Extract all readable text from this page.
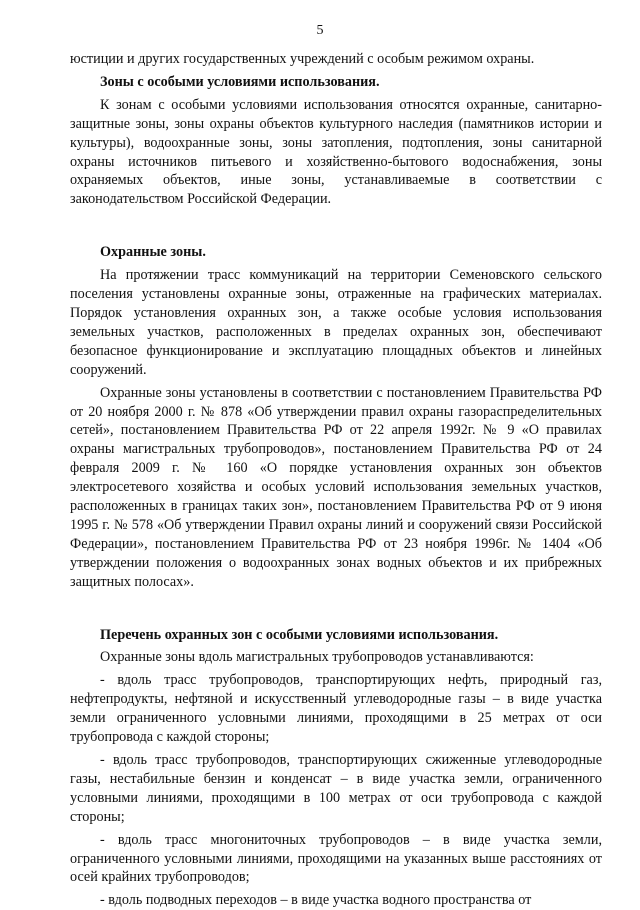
5

юстиции и других государственных учреждений с особым режимом охраны.

Зоны с особыми условиями использования.

К зонам с особыми условиями использования относятся охранные, санитарно-защитные зоны, зоны охраны объектов культурного наследия (памятников истории и культуры), водоохранные зоны, зоны затопления, подтопления, зоны санитарной охраны источников питьевого и хозяйственно-бытового водоснабжения, зоны охраняемых объектов, иные зоны, устанавливаемые в соответствии с законодательством Российской Федерации.

Охранные зоны.

На протяжении трасс коммуникаций на территории Семеновского сельского поселения установлены охранные зоны, отраженные на графических материалах. Порядок установления охранных зон, а также особые условия использования земельных участков, расположенных в пределах охранных зон, обеспечивают безопасное функционирование и эксплуатацию площадных объектов и линейных сооружений.

Охранные зоны установлены в соответствии с постановлением Правительства РФ от 20 ноября 2000 г. № 878 «Об утверждении правил охраны газораспределительных сетей», постановлением Правительства РФ от 22 апреля 1992г. № 9 «О правилах охраны магистральных трубопроводов», постановлением Правительства РФ от 24 февраля 2009 г. № 160 «О порядке установления охранных зон объектов электросетевого хозяйства и особых условий использования земельных участков, расположенных в границах таких зон», постановлением Правительства РФ от 9 июня 1995 г. № 578 «Об утверждении Правил охраны линий и сооружений связи Российской Федерации», постановлением Правительства РФ от 23 ноября 1996г. № 1404 «Об утверждении положения о водоохранных зонах водных объектов и их прибрежных защитных полосах».

Перечень охранных зон с особыми условиями использования.

Охранные зоны вдоль магистральных трубопроводов устанавливаются:

- вдоль трасс трубопроводов, транспортирующих нефть, природный газ, нефтепродукты, нефтяной и искусственный углеводородные газы – в виде участка земли ограниченного условными линиями, проходящими в 25 метрах от оси трубопровода с каждой стороны;

- вдоль трасс трубопроводов, транспортирующих сжиженные углеводородные газы, нестабильные бензин и конденсат – в виде участка земли, ограниченного условными линиями, проходящими в 100 метрах от оси трубопровода с каждой стороны;

- вдоль трасс многониточных трубопроводов – в виде участка земли, ограниченного условными линиями, проходящими на указанных выше расстояниях от осей крайних трубопроводов;

- вдоль подводных переходов – в виде участка водного пространства от
